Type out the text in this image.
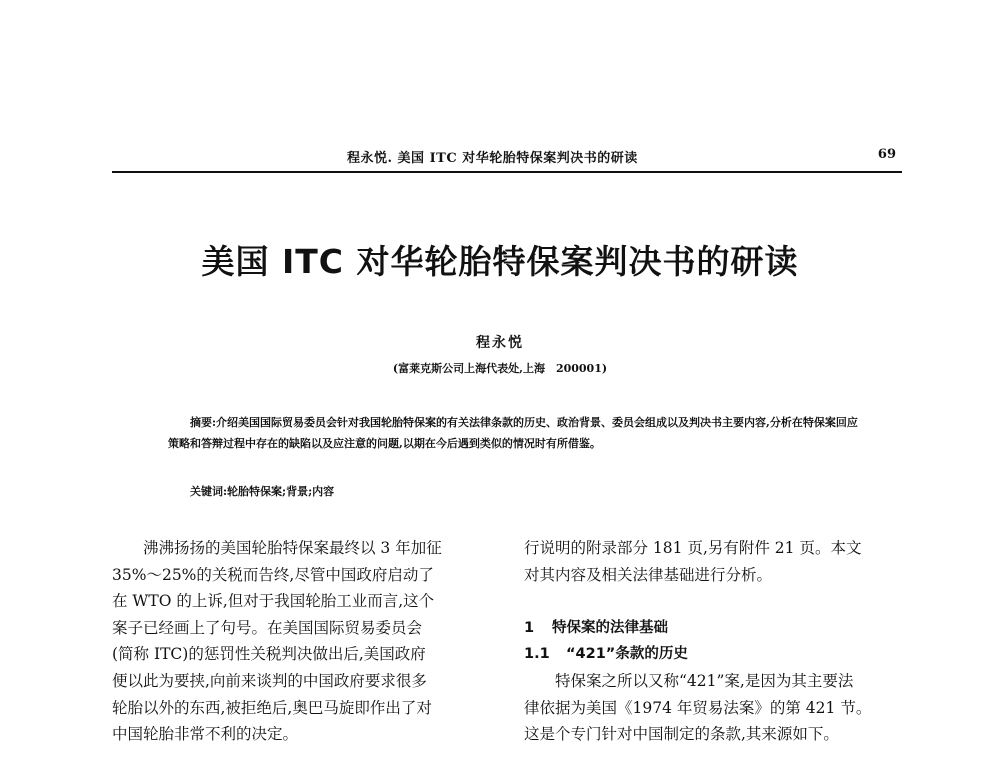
程永悦. 美国 ITC 对华轮胎特保案判决书的研读	69
美国 ITC 对华轮胎特保案判决书的研读
程永悦
(富莱克斯公司上海代表处,上海　200001)
摘要:介绍美国国际贸易委员会针对我国轮胎特保案的有关法律条款的历史、政治背景、委员会组成以及判决书主要内容,分析在特保案回应策略和答辩过程中存在的缺陷以及应注意的问题,以期在今后遇到类似的情况时有所借鉴。
关键词:轮胎特保案;背景;内容
沸沸扬扬的美国轮胎特保案最终以 3 年加征
35%～25%的关税而告终,尽管中国政府启动了
在 WTO 的上诉,但对于我国轮胎工业而言,这个
案子已经画上了句号。在美国国际贸易委员会
(简称 ITC)的惩罚性关税判决做出后,美国政府
便以此为要挟,向前来谈判的中国政府要求很多
轮胎以外的东西,被拒绝后,奥巴马旋即作出了对
中国轮胎非常不利的决定。
行说明的附录部分 181 页,另有附件 21 页。本文
对其内容及相关法律基础进行分析。
1 特保案的法律基础
1.1 “421”条款的历史
特保案之所以又称“421”案,是因为其主要法
律依据为美国《1974 年贸易法案》的第 421 节。
这是个专门针对中国制定的条款,其来源如下。
